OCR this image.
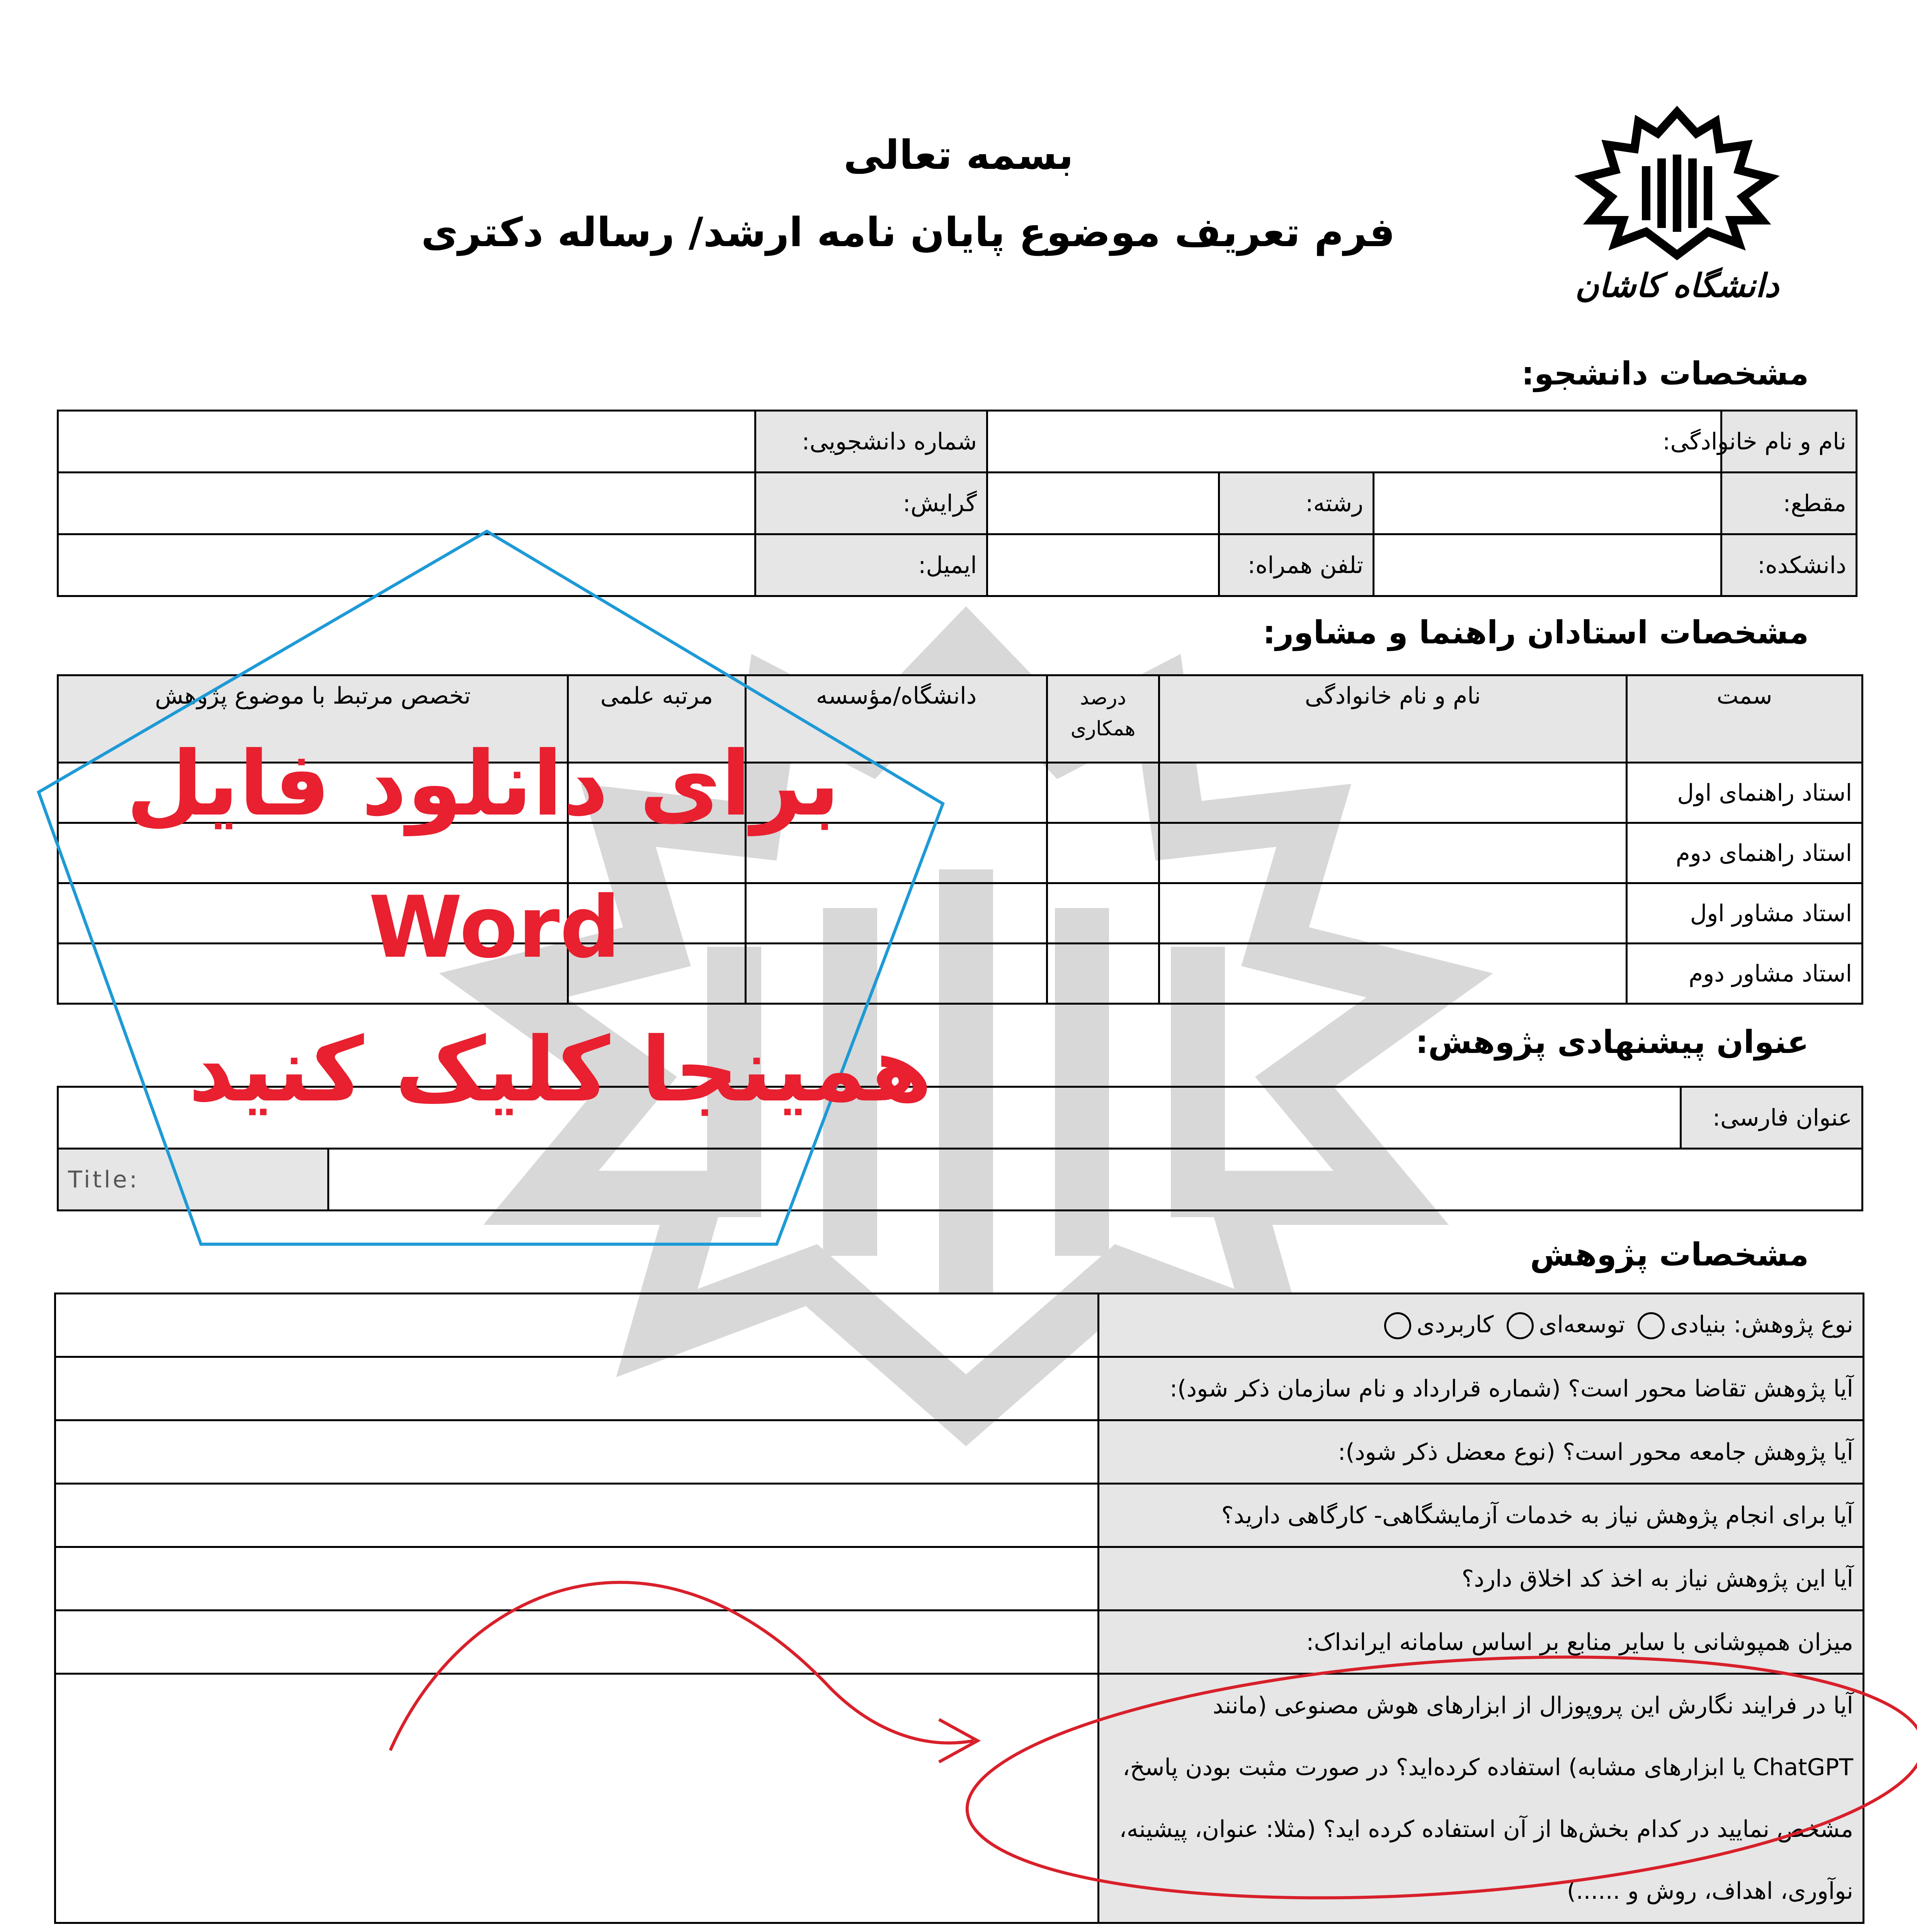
بسمه تعالی
فرم تعریف موضوع پایان نامه ارشد/ رساله دکتری
دانشگاه کاشان
مشخصات دانشجو:
نام و نام خانوادگی:				شماره دانشجویی:	
مقطع:		رشته:		گرایش:	
دانشکده:		تلفن همراه:		ایمیل:	
مشخصات استادان راهنما و مشاور:
سمت	نام و نام خانوادگی	درصد همکاری	دانشگاه/مؤسسه	مرتبه علمی	تخصص مرتبط با موضوع پژوهش
استاد راهنمای اول					
استاد راهنمای دوم					
استاد مشاور اول					
استاد مشاور دوم					
عنوان پیشنهادی پژوهش:
عنوان فارسی:		
		Title:
مشخصات پژوهش
نوع پژوهش: بنیادی توسعه‌ای کاربردی	
آیا پژوهش تقاضا محور است؟ (شماره قرارداد و نام سازمان ذکر شود):	
آیا پژوهش جامعه محور است؟ (نوع معضل ذکر شود):	
آیا برای انجام پژوهش نیاز به خدمات آزمایشگاهی- کارگاهی دارید؟	
آیا این پژوهش نیاز به اخذ کد اخلاق دارد؟	
میزان همپوشانی با سایر منابع بر اساس سامانه ایرانداک:	
آیا در فرایند نگارش این پروپوزال از ابزارهای هوش مصنوعی (مانند ChatGPT یا ابزارهای مشابه) استفاده کرده‌اید؟ در صورت مثبت بودن پاسخ، مشخص نمایید در کدام بخش‌ها از آن استفاده کرده اید؟ (مثلا: عنوان، پیشینه، نوآوری، اهداف، روش و ......)	

برای دانلود فایل
Word
همینجا کلیک کنید
